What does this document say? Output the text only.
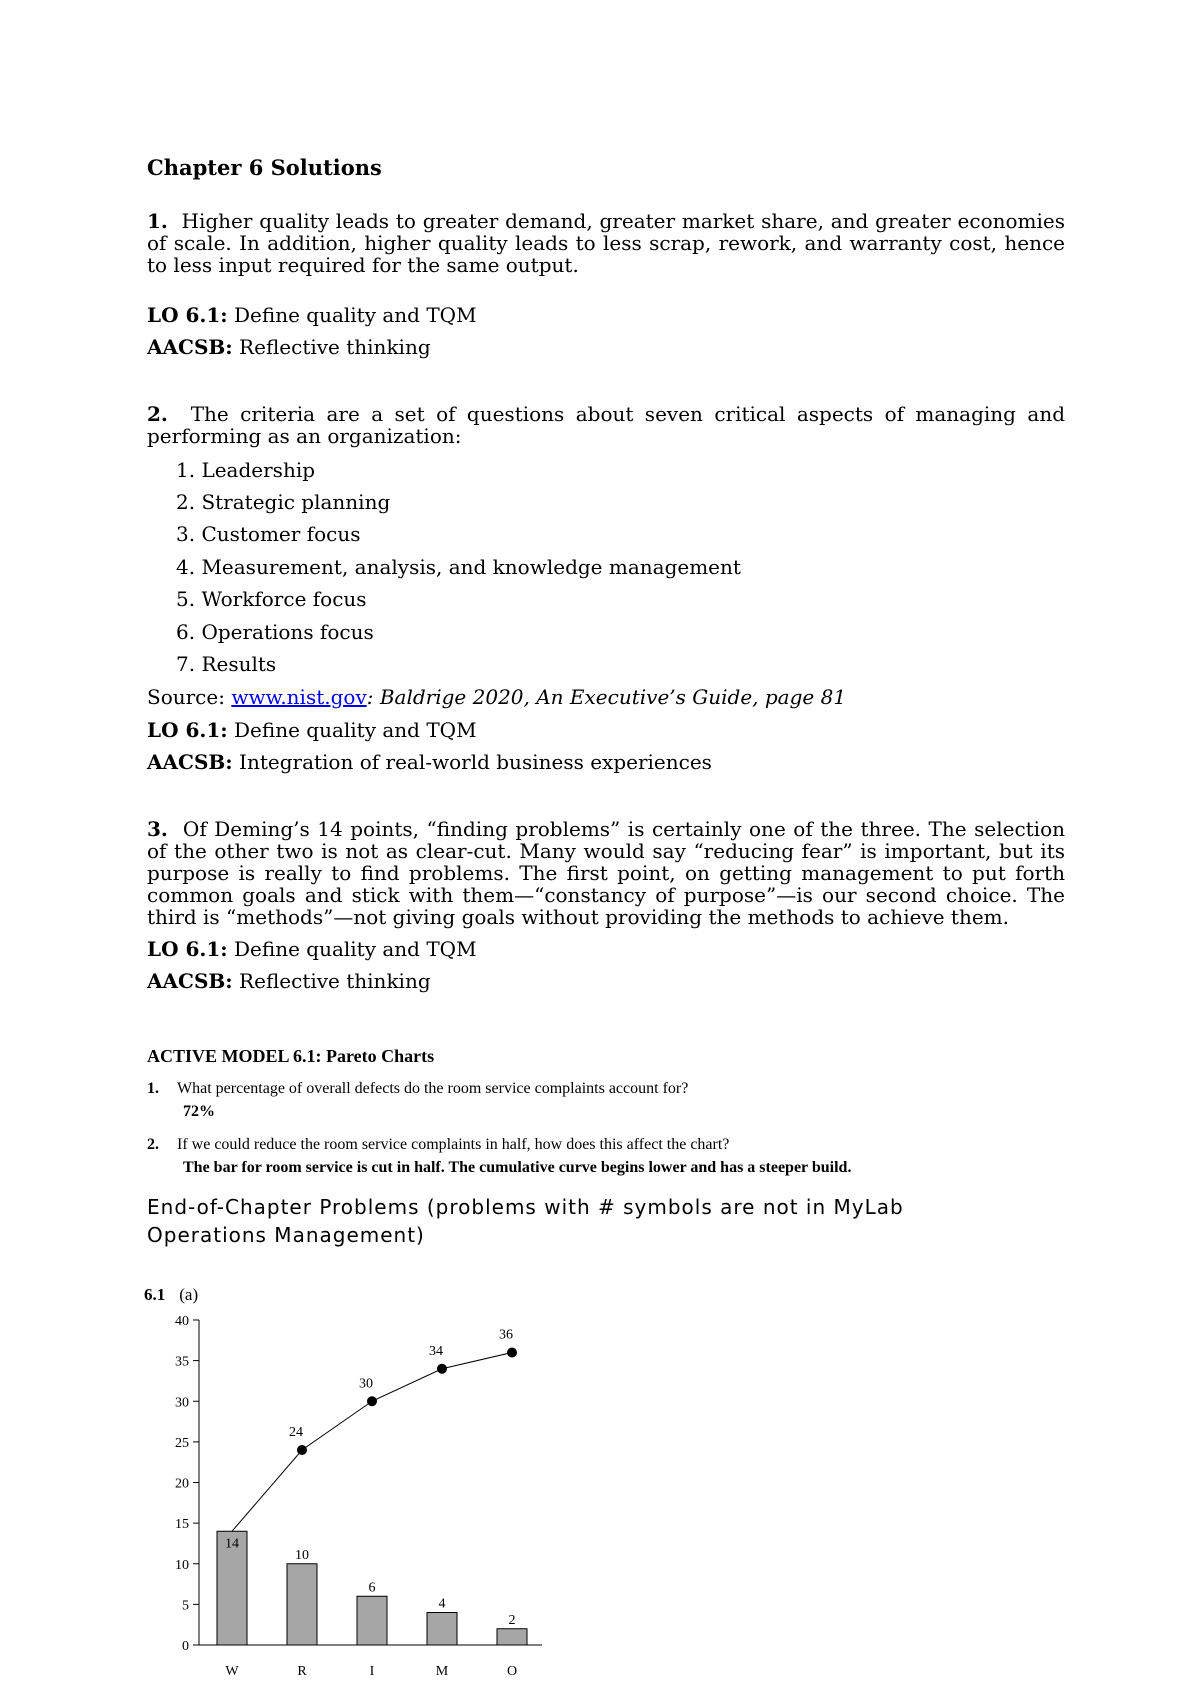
Chapter 6 Solutions
1. Higher quality leads to greater demand, greater market share, and greater economies of scale. In addition, higher quality leads to less scrap, rework, and warranty cost, hence to less input required for the same output.
LO 6.1: Define quality and TQM
AACSB: Reflective thinking
2. The criteria are a set of questions about seven critical aspects of managing and performing as an organization:
1. Leadership
2. Strategic planning
3. Customer focus
4. Measurement, analysis, and knowledge management
5. Workforce focus
6. Operations focus
7. Results
Source: www.nist.gov: Baldrige 2020, An Executive’s Guide, page 81
LO 6.1: Define quality and TQM
AACSB: Integration of real-world business experiences
3. Of Deming’s 14 points, “finding problems” is certainly one of the three. The selection of the other two is not as clear-cut. Many would say “reducing fear” is important, but its purpose is really to find problems. The first point, on getting management to put forth common goals and stick with them—“constancy of purpose”—is our second choice. The third is “methods”—not giving goals without providing the methods to achieve them.
LO 6.1: Define quality and TQM
AACSB: Reflective thinking
ACTIVE MODEL 6.1: Pareto Charts
1. What percentage of overall defects do the room service complaints account for?
72%
2. If we could reduce the room service complaints in half, how does this affect the chart?
The bar for room service is cut in half. The cumulative curve begins lower and has a steeper build.
End-of-Chapter Problems (problems with # symbols are not in MyLab
Operations Management)
6.1 (a)
0
5
10
15
20
25
30
35
40
14
10
6
4
2
24
30
34
36
W	R	I	M	O
